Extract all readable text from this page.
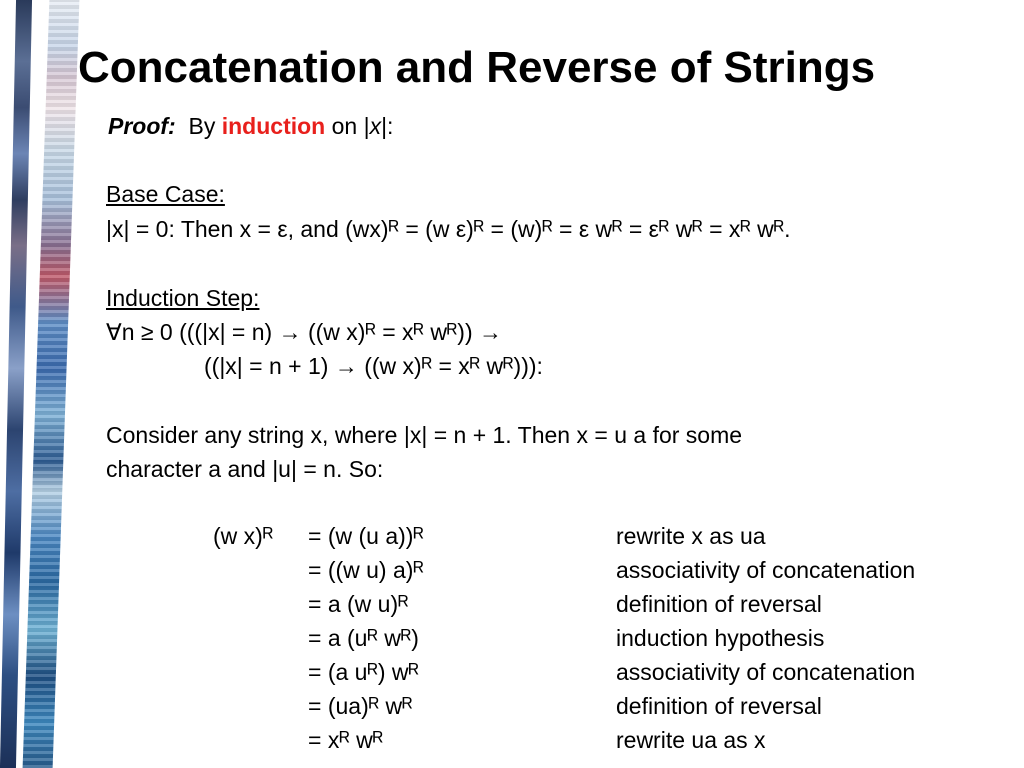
Concatenation and Reverse of Strings
Proof: By induction on |x|:
Base Case:
|x| = 0: Then x = ε, and (wx)ᴿ = (w ε)ᴿ = (w)ᴿ = ε wᴿ = εᴿ wᴿ = xᴿ wᴿ.
Induction Step:
∀n ≥ 0 (((|x| = n) → ((w x)ᴿ = xᴿ wᴿ)) →
((|x| = n + 1) → ((w x)ᴿ = xᴿ wᴿ))):
Consider any string x, where |x| = n + 1. Then x = u a for some
character a and |u| = n. So:
(w x)ᴿ = (w (u a))ᴿ	rewrite x as ua
= ((w u) a)ᴿ	associativity of concatenation
= a (w u)ᴿ	definition of reversal
= a (uᴿ wᴿ)	induction hypothesis
= (a uᴿ) wᴿ	associativity of concatenation
= (ua)ᴿ wᴿ	definition of reversal
= xᴿ wᴿ	rewrite ua as x
